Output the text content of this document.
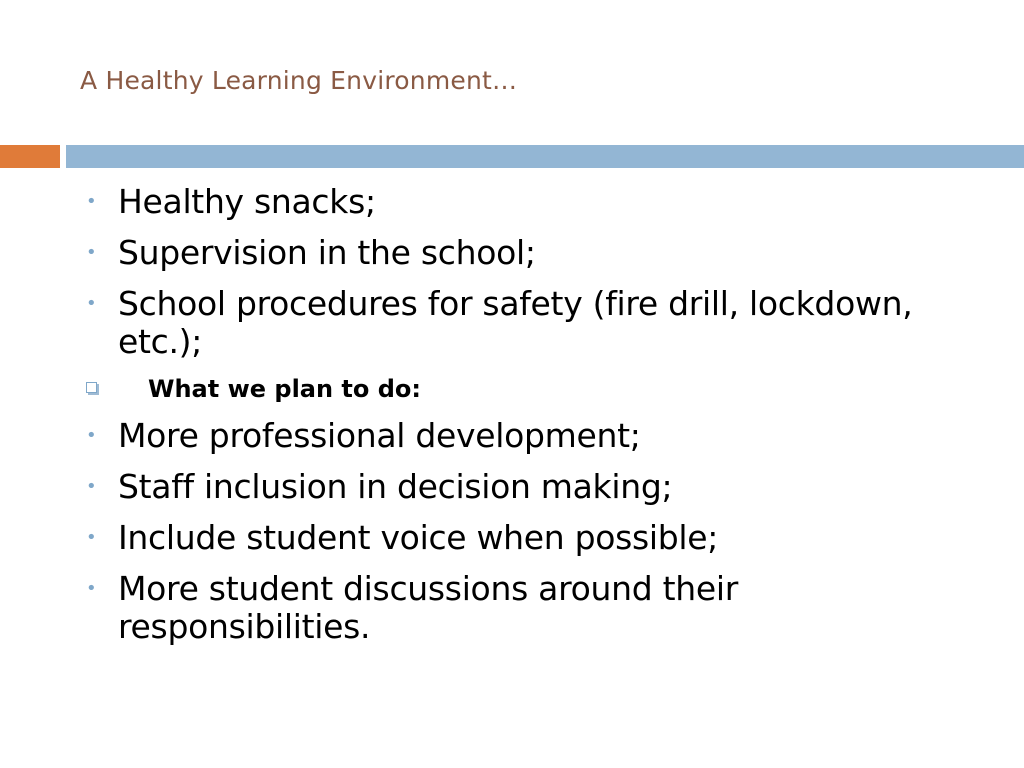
A Healthy Learning Environment…
• Healthy snacks;
• Supervision in the school;
• School procedures for safety (fire drill, lockdown, etc.);
What we plan to do:
• More professional development;
• Staff inclusion in decision making;
• Include student voice when possible;
• More student discussions around their responsibilities.
